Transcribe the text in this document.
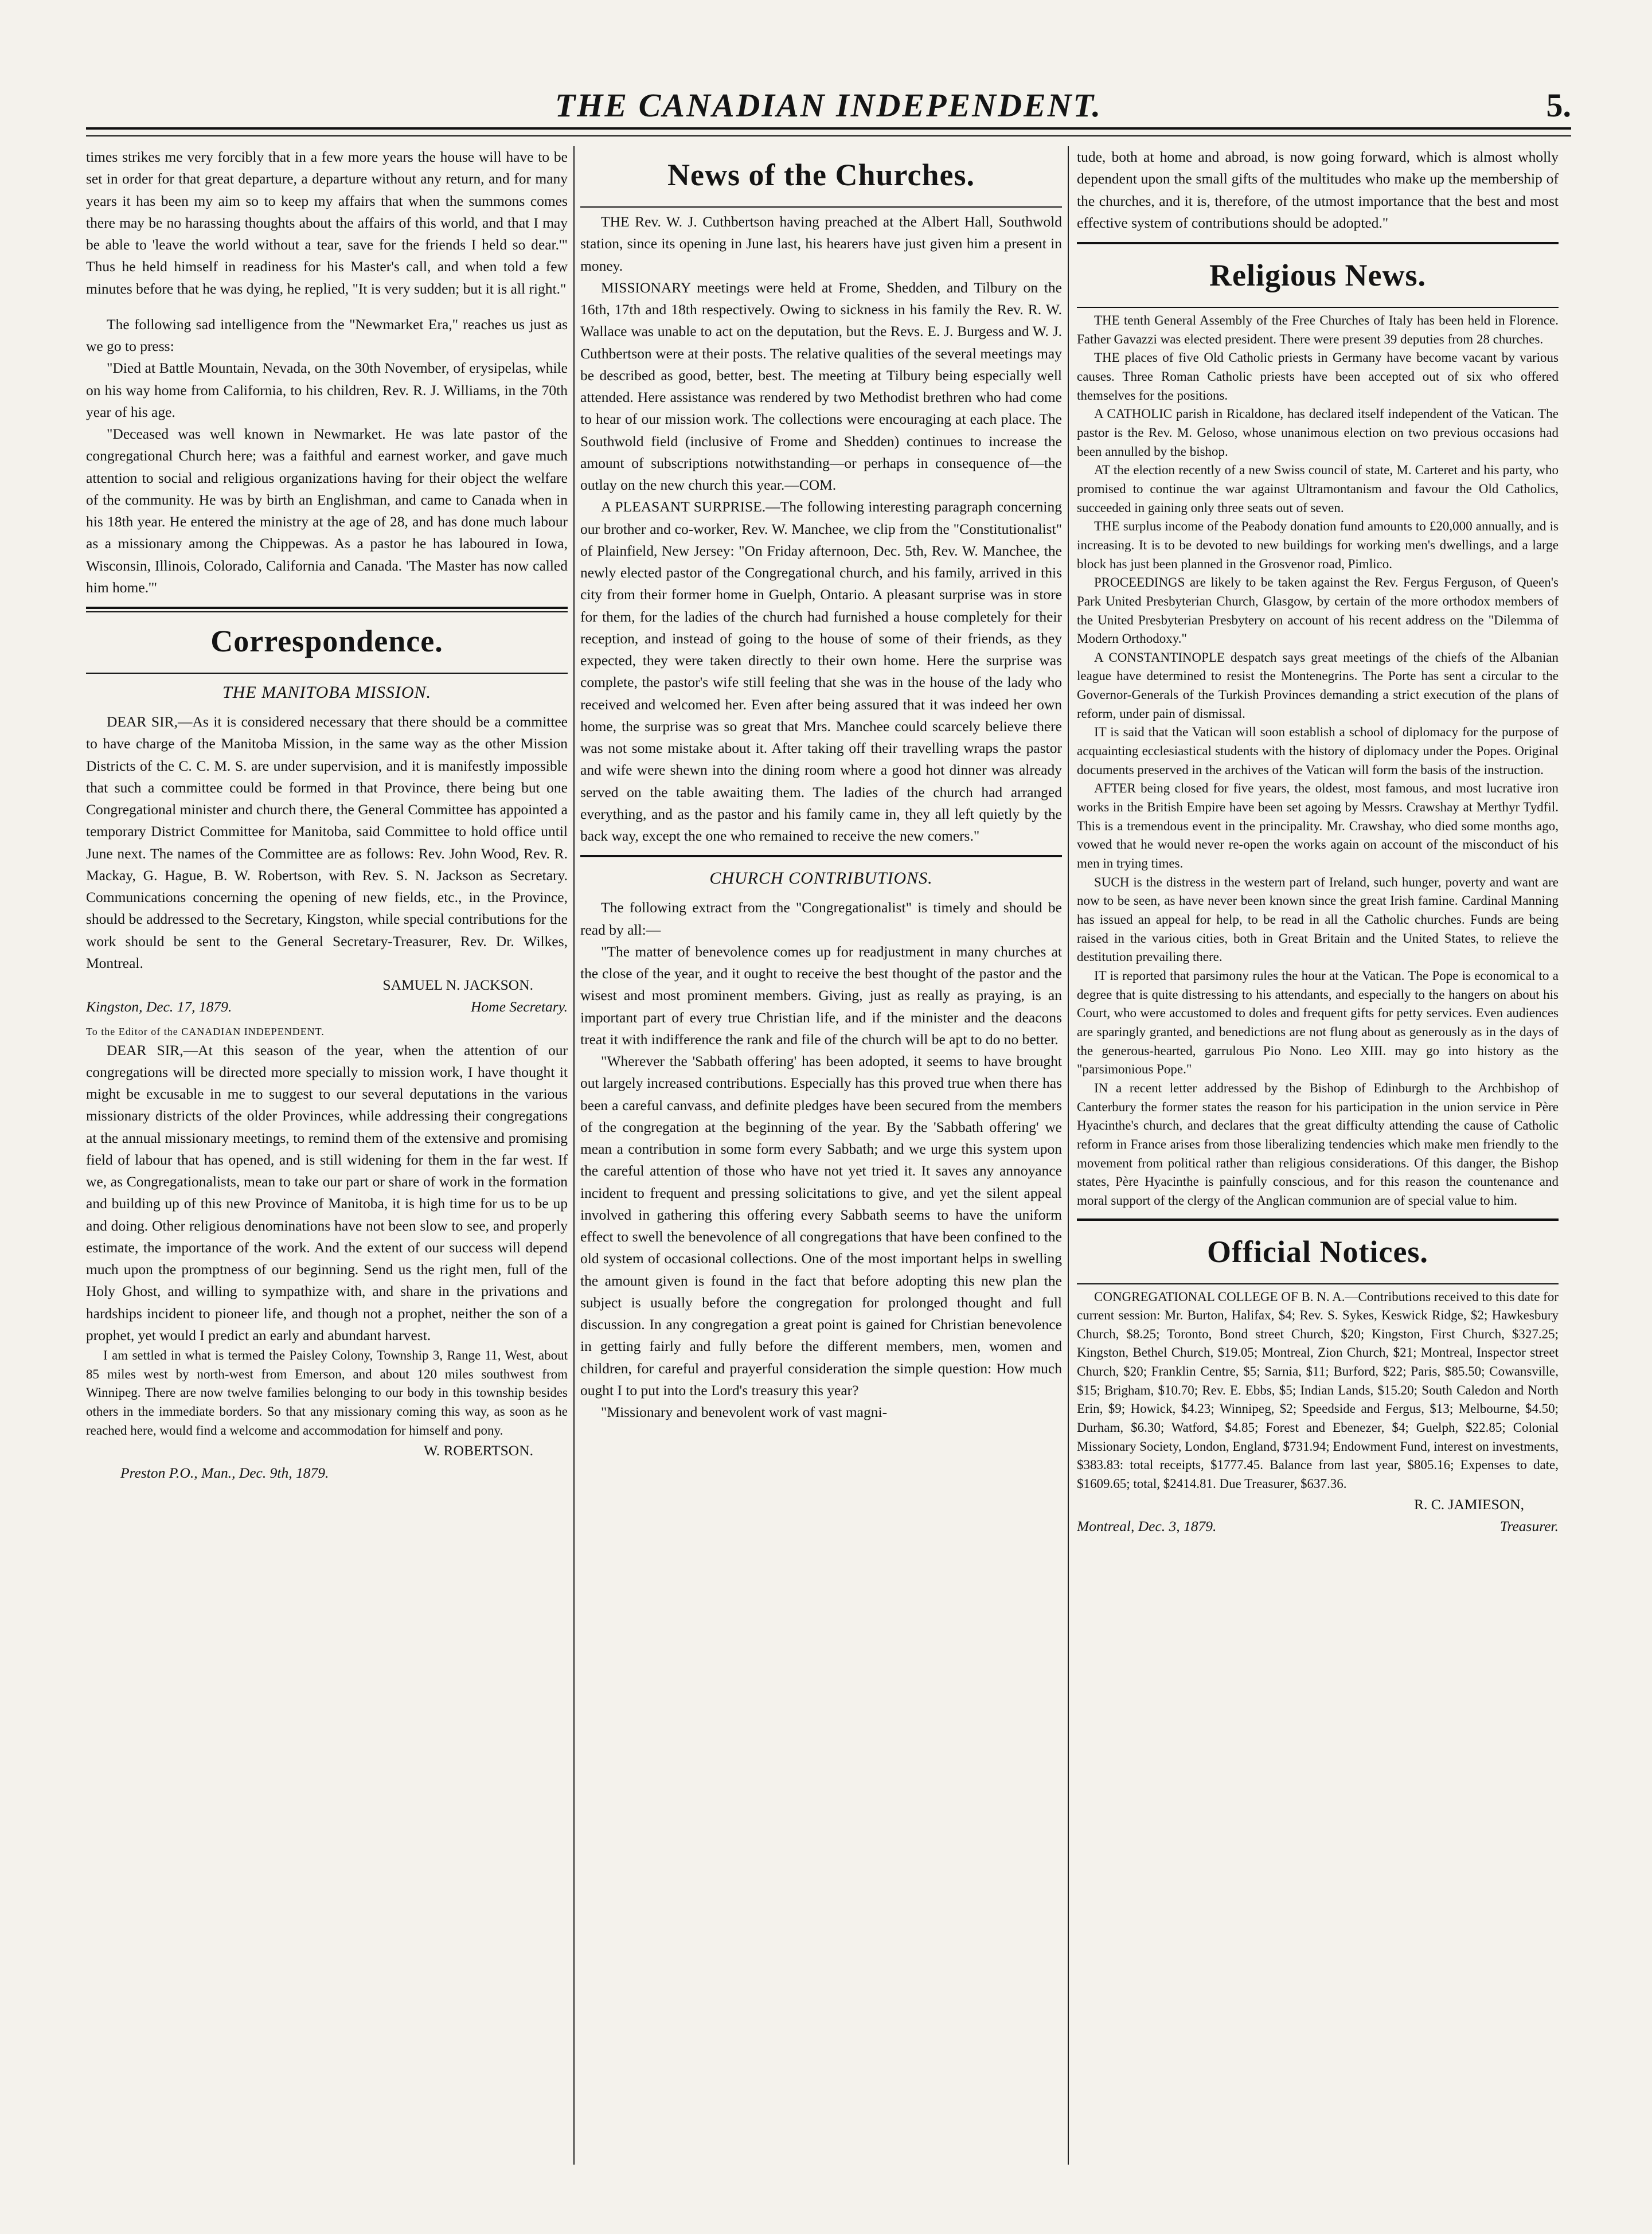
THE CANADIAN INDEPENDENT.	5.

times strikes me very forcibly that in a few more years the house will have to be set in order for that great departure, a departure without any return, and for many years it has been my aim so to keep my affairs that when the summons comes there may be no harassing thoughts about the affairs of this world, and that I may be able to 'leave the world without a tear, save for the friends I held so dear.'" Thus he held himself in readiness for his Master's call, and when told a few minutes before that he was dying, he replied, "It is very sudden; but it is all right."

The following sad intelligence from the "Newmarket Era," reaches us just as we go to press:

"Died at Battle Mountain, Nevada, on the 30th November, of erysipelas, while on his way home from California, to his children, Rev. R. J. Williams, in the 70th year of his age.

"Deceased was well known in Newmarket. He was late pastor of the congregational Church here; was a faithful and earnest worker, and gave much attention to social and religious organizations having for their object the welfare of the community. He was by birth an Englishman, and came to Canada when in his 18th year. He entered the ministry at the age of 28, and has done much labour as a missionary among the Chippewas. As a pastor he has laboured in Iowa, Wisconsin, Illinois, Colorado, California and Canada. 'The Master has now called him home.'"

Correspondence.
THE MANITOBA MISSION.

DEAR SIR,—As it is considered necessary that there should be a committee to have charge of the Manitoba Mission, in the same way as the other Mission Districts of the C. C. M. S. are under supervision, and it is manifestly impossible that such a committee could be formed in that Province, there being but one Congregational minister and church there, the General Committee has appointed a temporary District Committee for Manitoba, said Committee to hold office until June next. The names of the Committee are as follows: Rev. John Wood, Rev. R. Mackay, G. Hague, B. W. Robertson, with Rev. S. N. Jackson as Secretary. Communications concerning the opening of new fields, etc., in the Province, should be addressed to the Secretary, Kingston, while special contributions for the work should be sent to the General Secretary-Treasurer, Rev. Dr. Wilkes, Montreal.

SAMUEL N. JACKSON.
Kingston, Dec. 17, 1879.	Home Secretary.
To the Editor of the CANADIAN INDEPENDENT.

DEAR SIR,—At this season of the year, when the attention of our congregations will be directed more specially to mission work, I have thought it might be excusable in me to suggest to our several deputations in the various missionary districts of the older Provinces, while addressing their congregations at the annual missionary meetings, to remind them of the extensive and promising field of labour that has opened, and is still widening for them in the far west. If we, as Congregationalists, mean to take our part or share of work in the formation and building up of this new Province of Manitoba, it is high time for us to be up and doing. Other religious denominations have not been slow to see, and properly estimate, the importance of the work. And the extent of our success will depend much upon the promptness of our beginning. Send us the right men, full of the Holy Ghost, and willing to sympathize with, and share in the privations and hardships incident to pioneer life, and though not a prophet, neither the son of a prophet, yet would I predict an early and abundant harvest.

I am settled in what is termed the Paisley Colony, Township 3, Range 11, West, about 85 miles west by north-west from Emerson, and about 120 miles southwest from Winnipeg. There are now twelve families belonging to our body in this township besides others in the immediate borders. So that any missionary coming this way, as soon as he reached here, would find a welcome and accommodation for himself and pony.

W. ROBERTSON.
Preston P.O., Man., Dec. 9th, 1879.
News of the Churches.

THE Rev. W. J. Cuthbertson having preached at the Albert Hall, Southwold station, since its opening in June last, his hearers have just given him a present in money.

MISSIONARY meetings were held at Frome, Shedden, and Tilbury on the 16th, 17th and 18th respectively. Owing to sickness in his family the Rev. R. W. Wallace was unable to act on the deputation, but the Revs. E. J. Burgess and W. J. Cuthbertson were at their posts. The relative qualities of the several meetings may be described as good, better, best. The meeting at Tilbury being especially well attended. Here assistance was rendered by two Methodist brethren who had come to hear of our mission work. The collections were encouraging at each place. The Southwold field (inclusive of Frome and Shedden) continues to increase the amount of subscriptions notwithstanding—or perhaps in consequence of—the outlay on the new church this year.—COM.

A PLEASANT SURPRISE.—The following interesting paragraph concerning our brother and co-worker, Rev. W. Manchee, we clip from the "Constitutionalist" of Plainfield, New Jersey: "On Friday afternoon, Dec. 5th, Rev. W. Manchee, the newly elected pastor of the Congregational church, and his family, arrived in this city from their former home in Guelph, Ontario. A pleasant surprise was in store for them, for the ladies of the church had furnished a house completely for their reception, and instead of going to the house of some of their friends, as they expected, they were taken directly to their own home. Here the surprise was complete, the pastor's wife still feeling that she was in the house of the lady who received and welcomed her. Even after being assured that it was indeed her own home, the surprise was so great that Mrs. Manchee could scarcely believe there was not some mistake about it. After taking off their travelling wraps the pastor and wife were shewn into the dining room where a good hot dinner was already served on the table awaiting them. The ladies of the church had arranged everything, and as the pastor and his family came in, they all left quietly by the back way, except the one who remained to receive the new comers."

CHURCH CONTRIBUTIONS.

The following extract from the "Congregationalist" is timely and should be read by all:—

"The matter of benevolence comes up for readjustment in many churches at the close of the year, and it ought to receive the best thought of the pastor and the wisest and most prominent members. Giving, just as really as praying, is an important part of every true Christian life, and if the minister and the deacons treat it with indifference the rank and file of the church will be apt to do no better.

"Wherever the 'Sabbath offering' has been adopted, it seems to have brought out largely increased contributions. Especially has this proved true when there has been a careful canvass, and definite pledges have been secured from the members of the congregation at the beginning of the year. By the 'Sabbath offering' we mean a contribution in some form every Sabbath; and we urge this system upon the careful attention of those who have not yet tried it. It saves any annoyance incident to frequent and pressing solicitations to give, and yet the silent appeal involved in gathering this offering every Sabbath seems to have the uniform effect to swell the benevolence of all congregations that have been confined to the old system of occasional collections. One of the most important helps in swelling the amount given is found in the fact that before adopting this new plan the subject is usually before the congregation for prolonged thought and full discussion. In any congregation a great point is gained for Christian benevolence in getting fairly and fully before the different members, men, women and children, for careful and prayerful consideration the simple question: How much ought I to put into the Lord's treasury this year?

"Missionary and benevolent work of vast magni-

tude, both at home and abroad, is now going forward, which is almost wholly dependent upon the small gifts of the multitudes who make up the membership of the churches, and it is, therefore, of the utmost importance that the best and most effective system of contributions should be adopted."

Religious News.

THE tenth General Assembly of the Free Churches of Italy has been held in Florence. Father Gavazzi was elected president. There were present 39 deputies from 28 churches.

THE places of five Old Catholic priests in Germany have become vacant by various causes. Three Roman Catholic priests have been accepted out of six who offered themselves for the positions.

A CATHOLIC parish in Ricaldone, has declared itself independent of the Vatican. The pastor is the Rev. M. Geloso, whose unanimous election on two previous occasions had been annulled by the bishop.

AT the election recently of a new Swiss council of state, M. Carteret and his party, who promised to continue the war against Ultramontanism and favour the Old Catholics, succeeded in gaining only three seats out of seven.

THE surplus income of the Peabody donation fund amounts to £20,000 annually, and is increasing. It is to be devoted to new buildings for working men's dwellings, and a large block has just been planned in the Grosvenor road, Pimlico.

PROCEEDINGS are likely to be taken against the Rev. Fergus Ferguson, of Queen's Park United Presbyterian Church, Glasgow, by certain of the more orthodox members of the United Presbyterian Presbytery on account of his recent address on the "Dilemma of Modern Orthodoxy."

A CONSTANTINOPLE despatch says great meetings of the chiefs of the Albanian league have determined to resist the Montenegrins. The Porte has sent a circular to the Governor-Generals of the Turkish Provinces demanding a strict execution of the plans of reform, under pain of dismissal.

IT is said that the Vatican will soon establish a school of diplomacy for the purpose of acquainting ecclesiastical students with the history of diplomacy under the Popes. Original documents preserved in the archives of the Vatican will form the basis of the instruction.

AFTER being closed for five years, the oldest, most famous, and most lucrative iron works in the British Empire have been set agoing by Messrs. Crawshay at Merthyr Tydfil. This is a tremendous event in the principality. Mr. Crawshay, who died some months ago, vowed that he would never re-open the works again on account of the misconduct of his men in trying times.

SUCH is the distress in the western part of Ireland, such hunger, poverty and want are now to be seen, as have never been known since the great Irish famine. Cardinal Manning has issued an appeal for help, to be read in all the Catholic churches. Funds are being raised in the various cities, both in Great Britain and the United States, to relieve the destitution prevailing there.

IT is reported that parsimony rules the hour at the Vatican. The Pope is economical to a degree that is quite distressing to his attendants, and especially to the hangers on about his Court, who were accustomed to doles and frequent gifts for petty services. Even audiences are sparingly granted, and benedictions are not flung about as generously as in the days of the generous-hearted, garrulous Pio Nono. Leo XIII. may go into history as the "parsimonious Pope."

IN a recent letter addressed by the Bishop of Edinburgh to the Archbishop of Canterbury the former states the reason for his participation in the union service in Père Hyacinthe's church, and declares that the great difficulty attending the cause of Catholic reform in France arises from those liberalizing tendencies which make men friendly to the movement from political rather than religious considerations. Of this danger, the Bishop states, Père Hyacinthe is painfully conscious, and for this reason the countenance and moral support of the clergy of the Anglican communion are of special value to him.

Official Notices.

CONGREGATIONAL COLLEGE OF B. N. A.—Contributions received to this date for current session: Mr. Burton, Halifax, $4; Rev. S. Sykes, Keswick Ridge, $2; Hawkesbury Church, $8.25; Toronto, Bond street Church, $20; Kingston, First Church, $327.25; Kingston, Bethel Church, $19.05; Montreal, Zion Church, $21; Montreal, Inspector street Church, $20; Franklin Centre, $5; Sarnia, $11; Burford, $22; Paris, $85.50; Cowansville, $15; Brigham, $10.70; Rev. E. Ebbs, $5; Indian Lands, $15.20; South Caledon and North Erin, $9; Howick, $4.23; Winnipeg, $2; Speedside and Fergus, $13; Melbourne, $4.50; Durham, $6.30; Watford, $4.85; Forest and Ebenezer, $4; Guelph, $22.85; Colonial Missionary Society, London, England, $731.94; Endowment Fund, interest on investments, $383.83: total receipts, $1777.45. Balance from last year, $805.16; Expenses to date, $1609.65; total, $2414.81. Due Treasurer, $637.36.

R. C. JAMIESON,
Montreal, Dec. 3, 1879.	Treasurer.
